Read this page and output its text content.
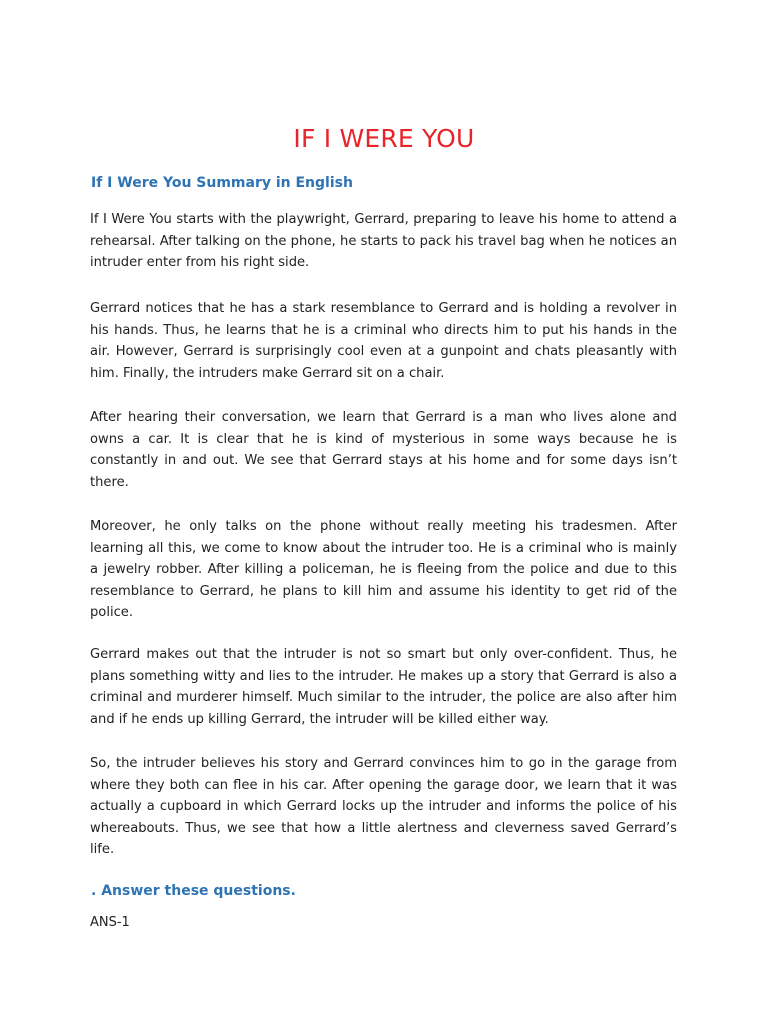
IF I WERE YOU
If I Were You Summary in English

If I Were You starts with the playwright, Gerrard, preparing to leave his home to attend a rehearsal. After talking on the phone, he starts to pack his travel bag when he notices an intruder enter from his right side.

Gerrard notices that he has a stark resemblance to Gerrard and is holding a revolver in his hands. Thus, he learns that he is a criminal who directs him to put his hands in the air. However, Gerrard is surprisingly cool even at a gunpoint and chats pleasantly with him. Finally, the intruders make Gerrard sit on a chair.

After hearing their conversation, we learn that Gerrard is a man who lives alone and owns a car. It is clear that he is kind of mysterious in some ways because he is constantly in and out. We see that Gerrard stays at his home and for some days isn’t there.

Moreover, he only talks on the phone without really meeting his tradesmen. After learning all this, we come to know about the intruder too. He is a criminal who is mainly a jewelry robber. After killing a policeman, he is fleeing from the police and due to this resemblance to Gerrard, he plans to kill him and assume his identity to get rid of the police.

Gerrard makes out that the intruder is not so smart but only over-confident. Thus, he plans something witty and lies to the intruder. He makes up a story that Gerrard is also a criminal and murderer himself. Much similar to the intruder, the police are also after him and if he ends up killing Gerrard, the intruder will be killed either way.

So, the intruder believes his story and Gerrard convinces him to go in the garage from where they both can flee in his car. After opening the garage door, we learn that it was actually a cupboard in which Gerrard locks up the intruder and informs the police of his whereabouts. Thus, we see that how a little alertness and cleverness saved Gerrard’s life.

. Answer these questions.

ANS-1
